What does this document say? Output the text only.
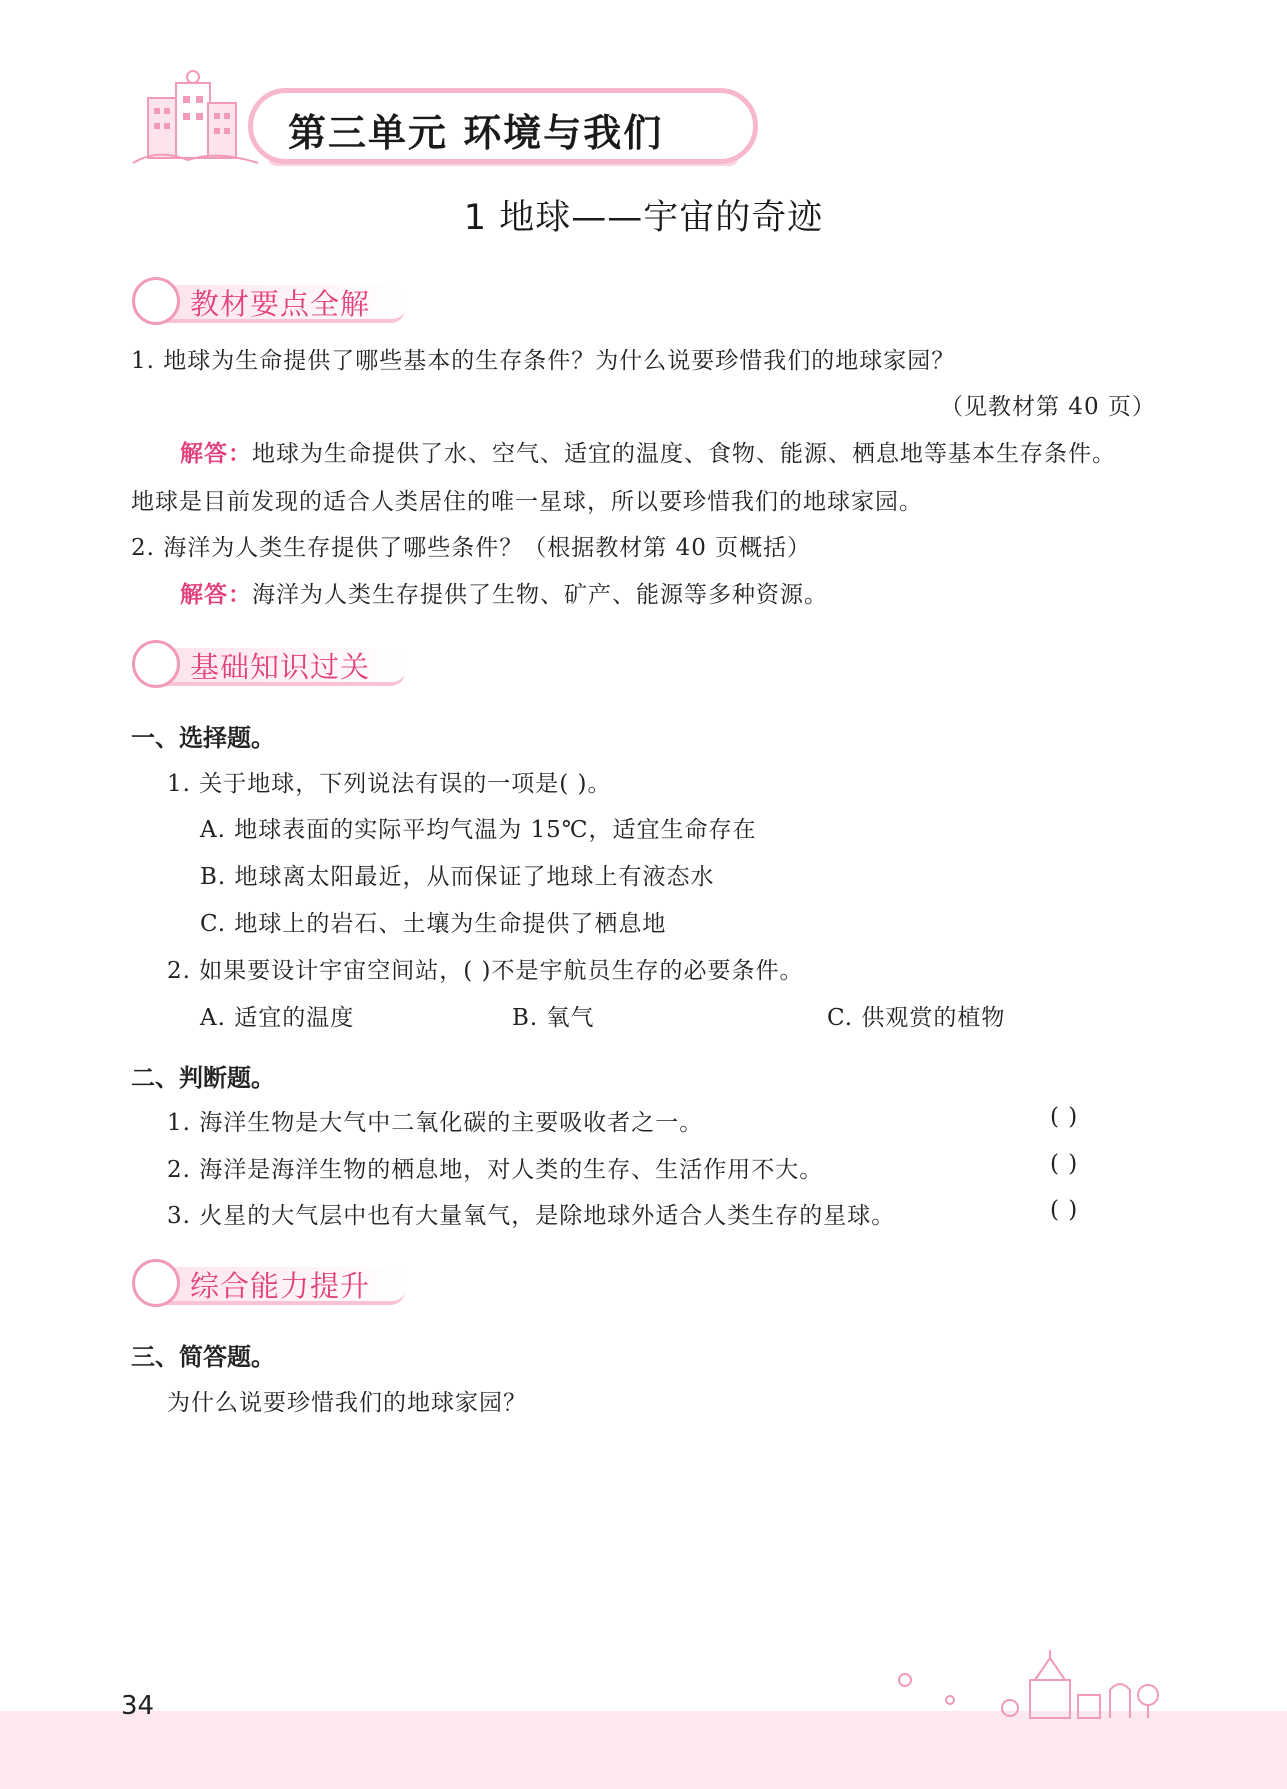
第三单元 环境与我们
1 地球——宇宙的奇迹
教材要点全解
1. 地球为生命提供了哪些基本的生存条件？为什么说要珍惜我们的地球家园？
（见教材第 40 页）
解答：地球为生命提供了水、空气、适宜的温度、食物、能源、栖息地等基本生存条件。
地球是目前发现的适合人类居住的唯一星球，所以要珍惜我们的地球家园。
2. 海洋为人类生存提供了哪些条件？（根据教材第 40 页概括）
解答：海洋为人类生存提供了生物、矿产、能源等多种资源。
基础知识过关
一、选择题。
1. 关于地球，下列说法有误的一项是( )。
A. 地球表面的实际平均气温为 15℃，适宜生命存在
B. 地球离太阳最近，从而保证了地球上有液态水
C. 地球上的岩石、土壤为生命提供了栖息地
2. 如果要设计宇宙空间站，( )不是宇航员生存的必要条件。
A. 适宜的温度	B. 氧气	C. 供观赏的植物
二、判断题。
1. 海洋生物是大气中二氧化碳的主要吸收者之一。	( )
2. 海洋是海洋生物的栖息地，对人类的生存、生活作用不大。	( )
3. 火星的大气层中也有大量氧气，是除地球外适合人类生存的星球。	( )
综合能力提升
三、简答题。
为什么说要珍惜我们的地球家园？
34
